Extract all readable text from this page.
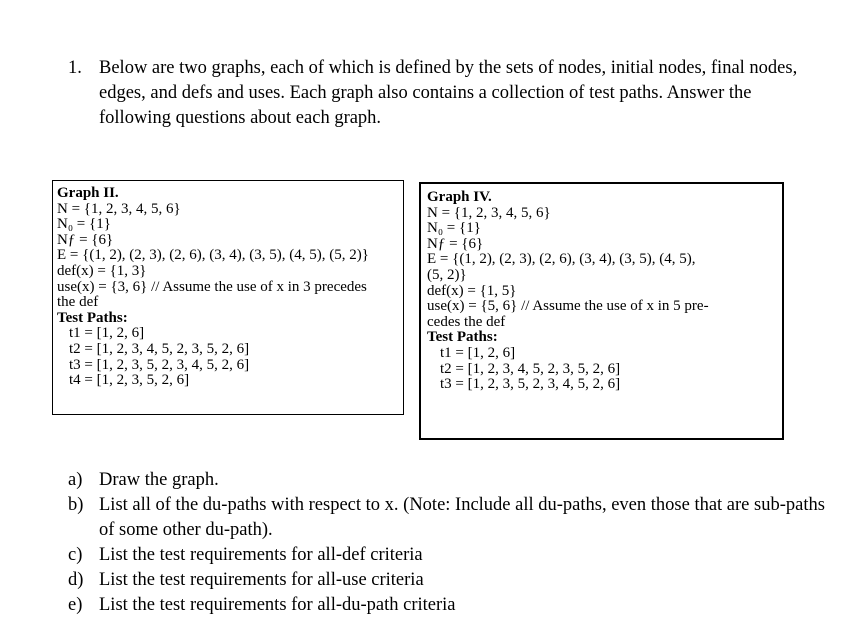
1. Below are two graphs, each of which is defined by the sets of nodes, initial nodes, final nodes, edges, and defs and uses. Each graph also contains a collection of test paths. Answer the following questions about each graph.
Graph II.
N = {1, 2, 3, 4, 5, 6}
N₀ = {1}
Nƒ = {6}
E = {(1, 2), (2, 3), (2, 6), (3, 4), (3, 5), (4, 5), (5, 2)}
def(x) = {1, 3}
use(x) = {3, 6} // Assume the use of x in 3 precedes
the def
Test Paths:
t1 = [1, 2, 6]
t2 = [1, 2, 3, 4, 5, 2, 3, 5, 2, 6]
t3 = [1, 2, 3, 5, 2, 3, 4, 5, 2, 6]
t4 = [1, 2, 3, 5, 2, 6]
Graph IV.
N = {1, 2, 3, 4, 5, 6}
N₀ = {1}
Nƒ = {6}
E = {(1, 2), (2, 3), (2, 6), (3, 4), (3, 5), (4, 5),
(5, 2)}
def(x) = {1, 5}
use(x) = {5, 6} // Assume the use of x in 5 pre-
cedes the def
Test Paths:
t1 = [1, 2, 6]
t2 = [1, 2, 3, 4, 5, 2, 3, 5, 2, 6]
t3 = [1, 2, 3, 5, 2, 3, 4, 5, 2, 6]
a) Draw the graph.
b) List all of the du-paths with respect to x. (Note: Include all du-paths, even those that are sub-paths of some other du-path).
c) List the test requirements for all-def criteria
d) List the test requirements for all-use criteria
e) List the test requirements for all-du-path criteria
